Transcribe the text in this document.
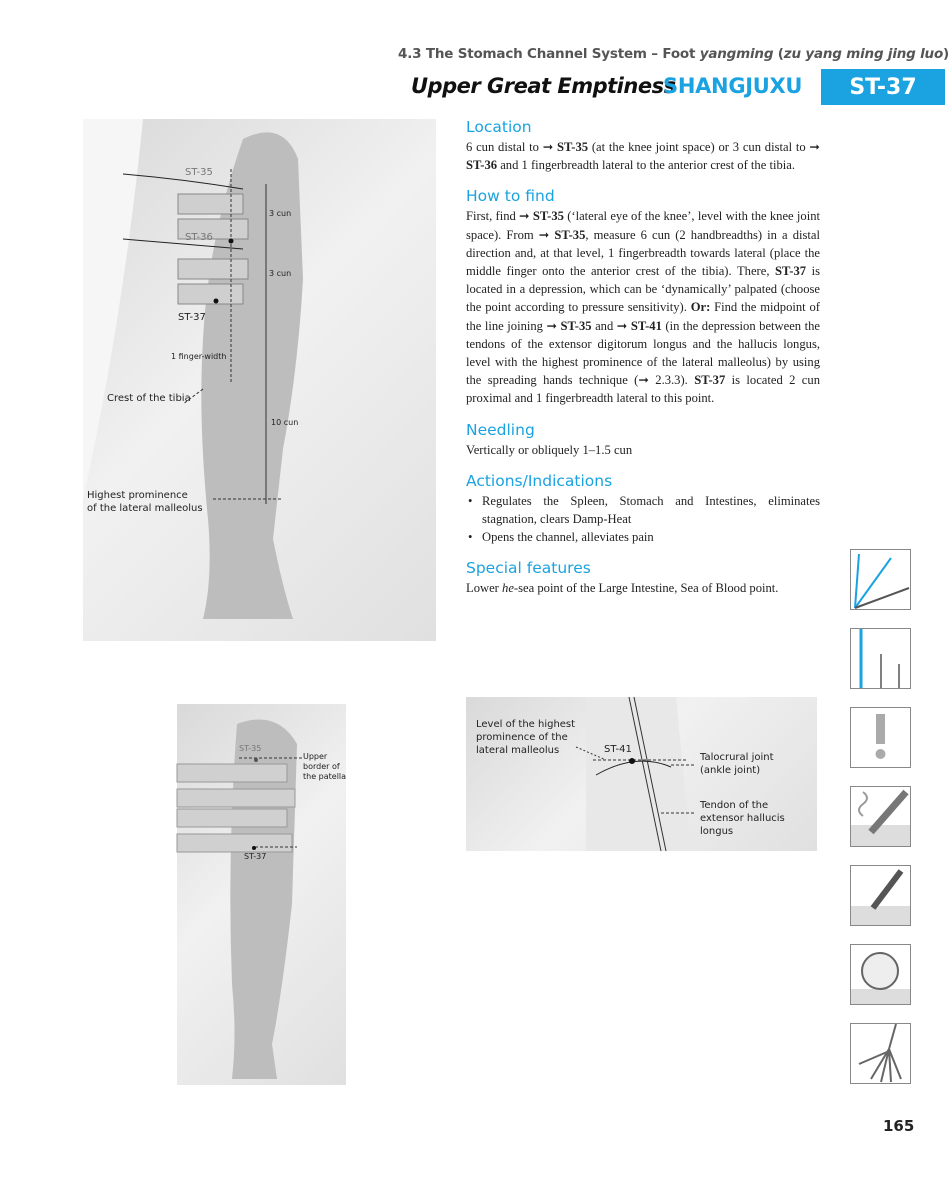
4.3 The Stomach Channel System – Foot yangming (zu yang ming jing luo)
Upper Great Emptiness
SHANGJUXU	ST-37
Location

6 cun distal to ➞ ST-35 (at the knee joint space) or 3 cun distal to ➞ ST-36 and 1 fingerbreadth lateral to the anterior crest of the tibia.

How to find

First, find ➞ ST-35 (‘lateral eye of the knee’, level with the knee joint space). From ➞ ST-35, measure 6 cun (2 handbreadths) in a distal direction and, at that level, 1 fingerbreadth towards lateral (place the middle finger onto the anterior crest of the tibia). There, ST-37 is located in a depression, which can be ‘dynamically’ palpated (choose the point according to pressure sensitivity). Or: Find the midpoint of the line joining ➞ ST-35 and ➞ ST-41 (in the depression between the tendons of the extensor digitorum longus and the hallucis longus, level with the highest prominence of the lateral malleolus) by using the spreading hands technique (➞ 2.3.3). ST-37 is located 2 cun proximal and 1 fingerbreadth lateral to this point.

Needling

Vertically or obliquely 1–1.5 cun

Actions/Indications
• Regulates the Spleen, Stomach and Intestines, eliminates stagnation, clears Damp-Heat
• Opens the channel, alleviates pain
Special features

Lower he-sea point of the Large Intestine, Sea of Blood point.

ST-35
ST-36
ST-37
3 cun
3 cun
10 cun
1 finger-width
Crest of the tibia
Highest prominence
of the lateral malleolus
ST-35
ST-37
Upper
border of
the patella
Level of the highest
prominence of the
lateral malleolus	ST-41
Talocrural joint
(ankle joint)
Tendon of the
extensor hallucis
longus
165
